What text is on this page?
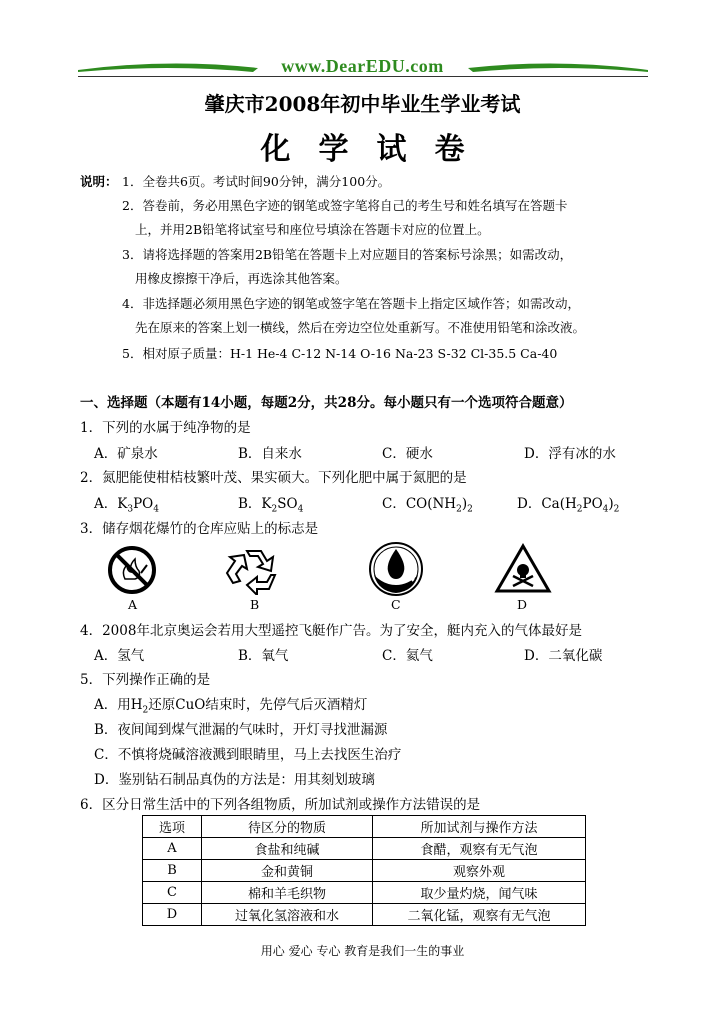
www.DearEDU.com
肇庆市2008年初中毕业生学业考试
化学试卷
说明： 1．全卷共6页。考试时间90分钟，满分100分。
2．答卷前，务必用黑色字迹的钢笔或签字笔将自己的考生号和姓名填写在答题卡
上，并用2B铅笔将试室号和座位号填涂在答题卡对应的位置上。
3．请将选择题的答案用2B铅笔在答题卡上对应题目的答案标号涂黑；如需改动，
用橡皮擦擦干净后，再选涂其他答案。
4．非选择题必须用黑色字迹的钢笔或签字笔在答题卡上指定区域作答；如需改动，
先在原来的答案上划一横线，然后在旁边空位处重新写。不准使用铅笔和涂改液。
5．相对原子质量：H-1 He-4 C-12 N-14 O-16 Na-23 S-32 Cl-35.5 Ca-40
一、选择题（本题有14小题，每题2分，共28分。每小题只有一个选项符合题意）
1．下列的水属于纯净物的是
A．矿泉水	B．自来水	C．硬水	D．浮有冰的水
2．氮肥能使柑桔枝繁叶茂、果实硕大。下列化肥中属于氮肥的是
A．$K_3PO_4$	B．$K_2SO_4$	C．$CO(NH_2)_2$	D．$Ca(H_2PO_4)_2$
3．储存烟花爆竹的仓库应贴上的标志是
A	B	C	D
4．2008年北京奥运会若用大型遥控飞艇作广告。为了安全，艇内充入的气体最好是
A．氢气	B．氧气	C．氦气	D．二氧化碳
5．下列操作正确的是
A．用$H_2$还原CuO结束时，先停气后灭酒精灯
B．夜间闻到煤气泄漏的气味时，开灯寻找泄漏源
C．不慎将烧碱溶液溅到眼睛里，马上去找医生治疗
D．鉴别钻石制品真伪的方法是：用其刻划玻璃
6．区分日常生活中的下列各组物质，所加试剂或操作方法错误的是
选项	待区分的物质	所加试剂与操作方法
A	食盐和纯碱	食醋，观察有无气泡
B	金和黄铜	观察外观
C	棉和羊毛织物	取少量灼烧，闻气味
D	过氧化氢溶液和水	二氧化锰，观察有无气泡
用心 爱心 专心 教育是我们一生的事业
